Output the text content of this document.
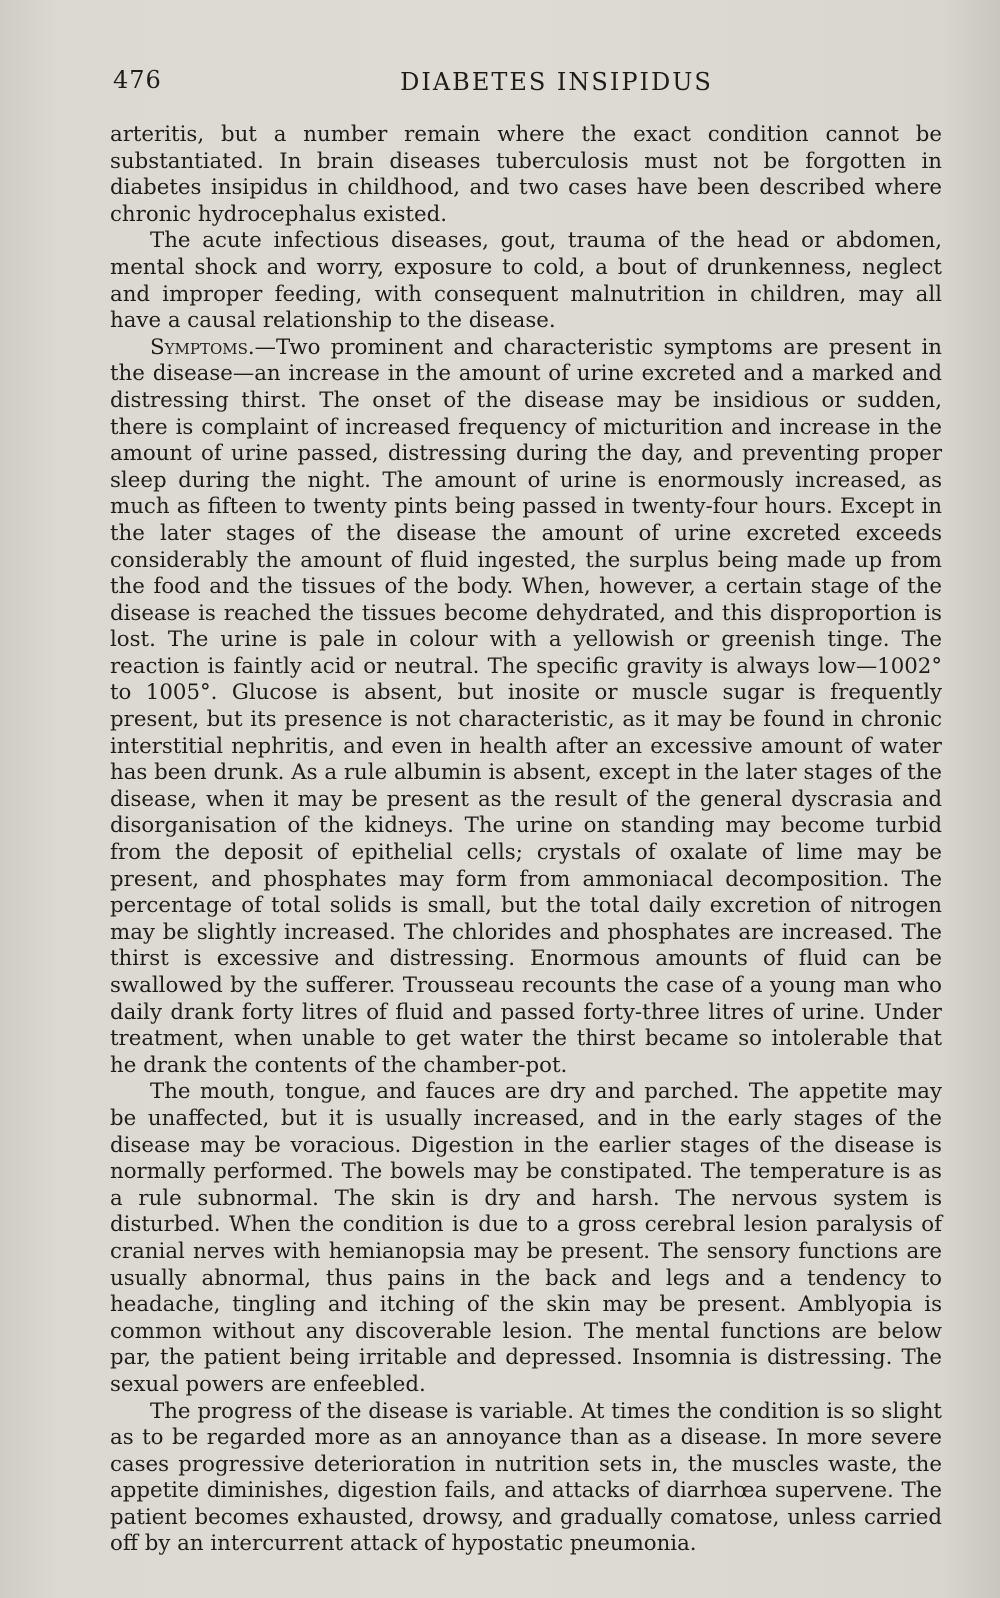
476	DIABETES INSIPIDUS

arteritis, but a number remain where the exact condition cannot be substantiated. In brain diseases tuberculosis must not be forgotten in diabetes insipidus in childhood, and two cases have been described where chronic hydrocephalus existed.

The acute infectious diseases, gout, trauma of the head or abdomen, mental shock and worry, exposure to cold, a bout of drunkenness, neglect and improper feeding, with consequent malnutrition in children, may all have a causal relationship to the disease.

Symptoms.—Two prominent and characteristic symptoms are present in the disease—an increase in the amount of urine excreted and a marked and distressing thirst. The onset of the disease may be insidious or sudden, there is complaint of increased frequency of micturition and increase in the amount of urine passed, distressing during the day, and preventing proper sleep during the night. The amount of urine is enormously increased, as much as fifteen to twenty pints being passed in twenty-four hours. Except in the later stages of the disease the amount of urine excreted exceeds considerably the amount of fluid ingested, the surplus being made up from the food and the tissues of the body. When, however, a certain stage of the disease is reached the tissues become dehydrated, and this disproportion is lost. The urine is pale in colour with a yellowish or greenish tinge. The reaction is faintly acid or neutral. The specific gravity is always low—1002° to 1005°. Glucose is absent, but inosite or muscle sugar is frequently present, but its presence is not characteristic, as it may be found in chronic interstitial nephritis, and even in health after an excessive amount of water has been drunk. As a rule albumin is absent, except in the later stages of the disease, when it may be present as the result of the general dyscrasia and disorganisation of the kidneys. The urine on standing may become turbid from the deposit of epithelial cells; crystals of oxalate of lime may be present, and phosphates may form from ammoniacal decomposition. The percentage of total solids is small, but the total daily excretion of nitrogen may be slightly increased. The chlorides and phosphates are increased. The thirst is excessive and distressing. Enormous amounts of fluid can be swallowed by the sufferer. Trousseau recounts the case of a young man who daily drank forty litres of fluid and passed forty-three litres of urine. Under treatment, when unable to get water the thirst became so intolerable that he drank the contents of the chamber-pot.

The mouth, tongue, and fauces are dry and parched. The appetite may be unaffected, but it is usually increased, and in the early stages of the disease may be voracious. Digestion in the earlier stages of the disease is normally performed. The bowels may be constipated. The temperature is as a rule subnormal. The skin is dry and harsh. The nervous system is disturbed. When the condition is due to a gross cerebral lesion paralysis of cranial nerves with hemianopsia may be present. The sensory functions are usually abnormal, thus pains in the back and legs and a tendency to headache, tingling and itching of the skin may be present. Amblyopia is common without any discoverable lesion. The mental functions are below par, the patient being irritable and depressed. Insomnia is distressing. The sexual powers are enfeebled.

The progress of the disease is variable. At times the condition is so slight as to be regarded more as an annoyance than as a disease. In more severe cases progressive deterioration in nutrition sets in, the muscles waste, the appetite diminishes, digestion fails, and attacks of diarrhœa supervene. The patient becomes exhausted, drowsy, and gradually comatose, unless carried off by an intercurrent attack of hypostatic pneumonia.
